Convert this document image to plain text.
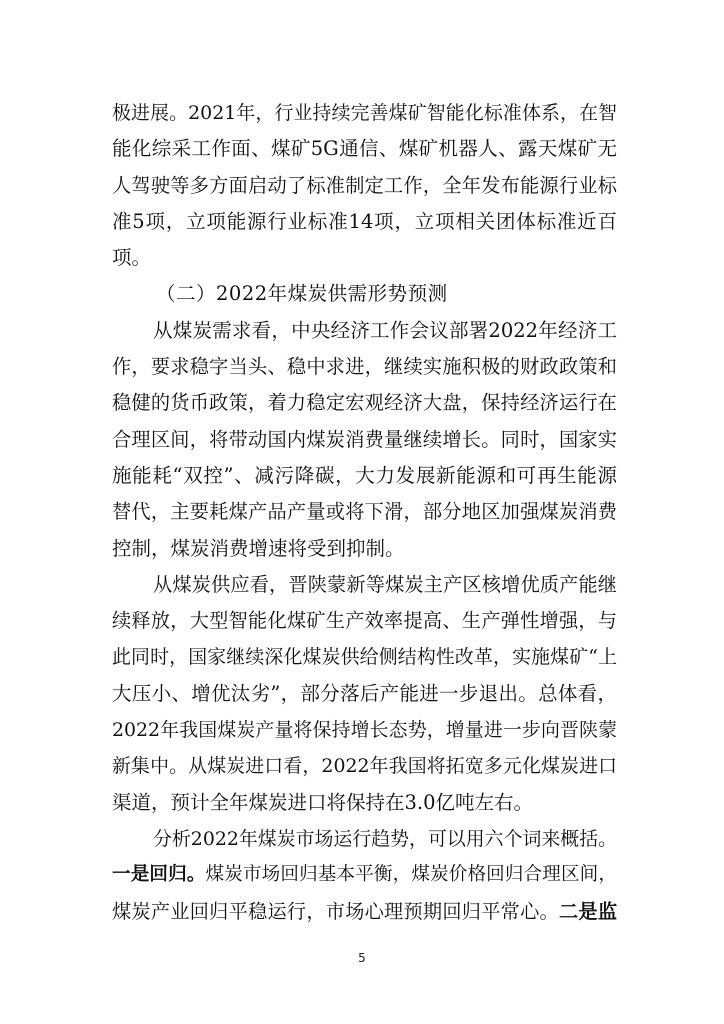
极进展。2021年，行业持续完善煤矿智能化标准体系，在智
能化综采工作面、煤矿5G通信、煤矿机器人、露天煤矿无
人驾驶等多方面启动了标准制定工作，全年发布能源行业标
准5项，立项能源行业标准14项，立项相关团体标准近百
项。
（二）2022年煤炭供需形势预测
从煤炭需求看，中央经济工作会议部署2022年经济工
作，要求稳字当头、稳中求进，继续实施积极的财政政策和
稳健的货币政策，着力稳定宏观经济大盘，保持经济运行在
合理区间，将带动国内煤炭消费量继续增长。同时，国家实
施能耗“双控”、减污降碳，大力发展新能源和可再生能源
替代，主要耗煤产品产量或将下滑，部分地区加强煤炭消费
控制，煤炭消费增速将受到抑制。
从煤炭供应看，晋陕蒙新等煤炭主产区核增优质产能继
续释放，大型智能化煤矿生产效率提高、生产弹性增强，与
此同时，国家继续深化煤炭供给侧结构性改革，实施煤矿“上
大压小、增优汰劣”，部分落后产能进一步退出。总体看，
2022年我国煤炭产量将保持增长态势，增量进一步向晋陕蒙
新集中。从煤炭进口看，2022年我国将拓宽多元化煤炭进口
渠道，预计全年煤炭进口将保持在3.0亿吨左右。
分析2022年煤炭市场运行趋势，可以用六个词来概括。
一是回归。煤炭市场回归基本平衡，煤炭价格回归合理区间，
煤炭产业回归平稳运行，市场心理预期回归平常心。二是监
5
